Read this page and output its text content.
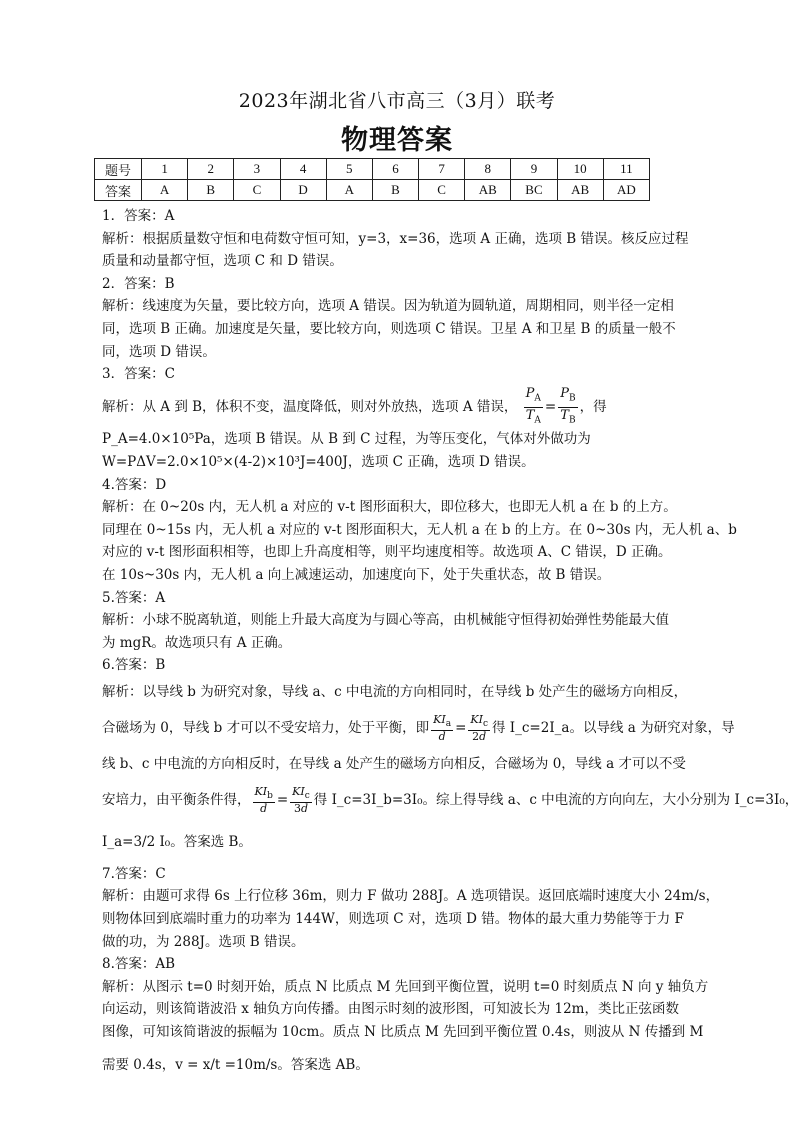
2023年湖北省八市高三（3月）联考
物理答案
题号	1	2	3	4	5	6	7	8	9	10	11
答案	A	B	C	D	A	B	C	AB	BC	AB	AD

1．答案：A

解析：根据质量数守恒和电荷数守恒可知，y=3，x=36，选项 A 正确，选项 B 错误。核反应过程

质量和动量都守恒，选项 C 和 D 错误。

2．答案：B

解析：线速度为矢量，要比较方向，选项 A 错误。因为轨道为圆轨道，周期相同，则半径一定相

同，选项 B 正确。加速度是矢量，要比较方向，则选项 C 错误。卫星 A 和卫星 B 的质量一般不

同，选项 D 错误。

3．答案：C

解析：从 A 到 B，体积不变，温度降低，则对外放热，选项 A 错误， $\frac{P_A}{T_A} = \frac{P_B}{T_B}$ ，得

P_A=4.0×10⁵Pa，选项 B 错误。从 B 到 C 过程，为等压变化，气体对外做功为

W=PΔV=2.0×10⁵×(4-2)×10³J=400J，选项 C 正确，选项 D 错误。

4.答案：D

解析：在 0~20s 内，无人机 a 对应的 v-t 图形面积大，即位移大，也即无人机 a 在 b 的上方。

同理在 0~15s 内，无人机 a 对应的 v-t 图形面积大，无人机 a 在 b 的上方。在 0~30s 内，无人机 a、b

对应的 v-t 图形面积相等，也即上升高度相等，则平均速度相等。故选项 A、C 错误，D 正确。

在 10s~30s 内，无人机 a 向上减速运动，加速度向下，处于失重状态，故 B 错误。

5.答案：A

解析：小球不脱离轨道，则能上升最大高度为与圆心等高，由机械能守恒得初始弹性势能最大值

为 mgR。故选项只有 A 正确。

6.答案：B

解析：以导线 b 为研究对象，导线 a、c 中电流的方向相同时，在导线 b 处产生的磁场方向相反，

合磁场为 0，导线 b 才可以不受安培力，处于平衡，即 $\frac{KI_a}{d} = \frac{KI_c}{2d}$ 得 I_c=2I_a。以导线 a 为研究对象，导

线 b、c 中电流的方向相反时，在导线 a 处产生的磁场方向相反，合磁场为 0，导线 a 才可以不受

安培力，由平衡条件得， $\frac{KI_b}{d} = \frac{KI_c}{3d}$ 得 I_c=3I_b=3I₀。综上得导线 a、c 中电流的方向向左，大小分别为 I_c=3I₀，

I_a=3/2 I₀。答案选 B。

7.答案：C

解析：由题可求得 6s 上行位移 36m，则力 F 做功 288J。A 选项错误。返回底端时速度大小 24m/s，

则物体回到底端时重力的功率为 144W，则选项 C 对，选项 D 错。物体的最大重力势能等于力 F

做的功，为 288J。选项 B 错误。

8.答案：AB

解析：从图示 t=0 时刻开始，质点 N 比质点 M 先回到平衡位置，说明 t=0 时刻质点 N 向 y 轴负方

向运动，则该简谐波沿 x 轴负方向传播。由图示时刻的波形图，可知波长为 12m，类比正弦函数

图像，可知该简谐波的振幅为 10cm。质点 N 比质点 M 先回到平衡位置 0.4s，则波从 N 传播到 M

需要 0.4s，v = x/t =10m/s。答案选 AB。
